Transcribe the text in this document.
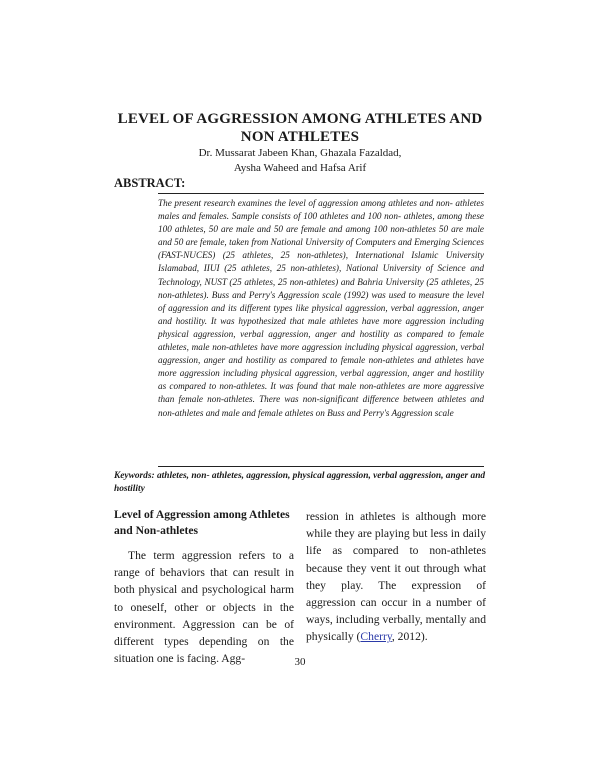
LEVEL OF AGGRESSION AMONG ATHLETES AND NON ATHLETES
Dr. Mussarat Jabeen Khan, Ghazala Fazaldad,
Aysha Waheed and Hafsa Arif
ABSTRACT:
The present research examines the level of aggression among athletes and non- athletes males and females. Sample consists of 100 athletes and 100 non- athletes, among these 100 athletes, 50 are male and 50 are female and among 100 non-athletes 50 are male and 50 are female, taken from National University of Computers and Emerging Sciences (FAST-NUCES) (25 athletes, 25 non-athletes), International Islamic University Islamabad, IIUI (25 athletes, 25 non-athletes), National University of Science and Technology, NUST (25 athletes, 25 non-athletes) and Bahria University (25 athletes, 25 non-athletes). Buss and Perry's Aggression scale (1992) was used to measure the level of aggression and its different types like physical aggression, verbal aggression, anger and hostility. It was hypothesized that male athletes have more aggression including physical aggression, verbal aggression, anger and hostility as compared to female athletes, male non-athletes have more aggression including physical aggression, verbal aggression, anger and hostility as compared to female non-athletes and athletes have more aggression including physical aggression, verbal aggression, anger and hostility as compared to non-athletes. It was found that male non-athletes are more aggressive than female non-athletes. There was non-significant difference between athletes and non-athletes and male and female athletes on Buss and Perry's Aggression scale
Keywords: athletes, non- athletes, aggression, physical aggression, verbal aggression, anger and hostility
Level of Aggression among Athletes and Non-athletes

The term aggression refers to a range of behaviors that can result in both physical and psychological harm to oneself, other or objects in the environment. Aggression can be of different types depending on the situation one is facing. Agg-

ression in athletes is although more while they are playing but less in daily life as compared to non-athletes because they vent it out through what they play. The expression of aggression can occur in a number of ways, including verbally, mentally and physically (Cherry, 2012).
30
